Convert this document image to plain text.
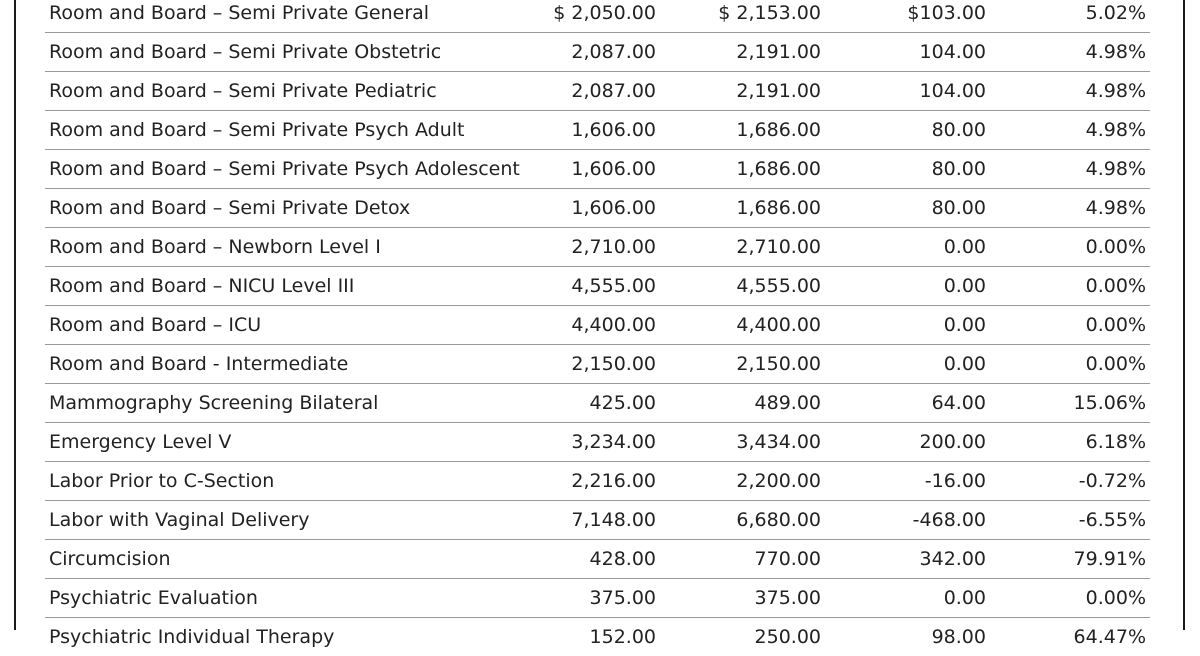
Room and Board – Semi Private General	$ 2,050.00	$ 2,153.00	$103.00	5.02%
Room and Board – Semi Private Obstetric	2,087.00	2,191.00	104.00	4.98%
Room and Board – Semi Private Pediatric	2,087.00	2,191.00	104.00	4.98%
Room and Board – Semi Private Psych Adult	1,606.00	1,686.00	80.00	4.98%
Room and Board – Semi Private Psych Adolescent	1,606.00	1,686.00	80.00	4.98%
Room and Board – Semi Private Detox	1,606.00	1,686.00	80.00	4.98%
Room and Board – Newborn Level I	2,710.00	2,710.00	0.00	0.00%
Room and Board – NICU Level III	4,555.00	4,555.00	0.00	0.00%
Room and Board – ICU	4,400.00	4,400.00	0.00	0.00%
Room and Board - Intermediate	2,150.00	2,150.00	0.00	0.00%
Mammography Screening Bilateral	425.00	489.00	64.00	15.06%
Emergency Level V	3,234.00	3,434.00	200.00	6.18%
Labor Prior to C-Section	2,216.00	2,200.00	-16.00	-0.72%
Labor with Vaginal Delivery	7,148.00	6,680.00	-468.00	-6.55%
Circumcision	428.00	770.00	342.00	79.91%
Psychiatric Evaluation	375.00	375.00	0.00	0.00%
Psychiatric Individual Therapy	152.00	250.00	98.00	64.47%
